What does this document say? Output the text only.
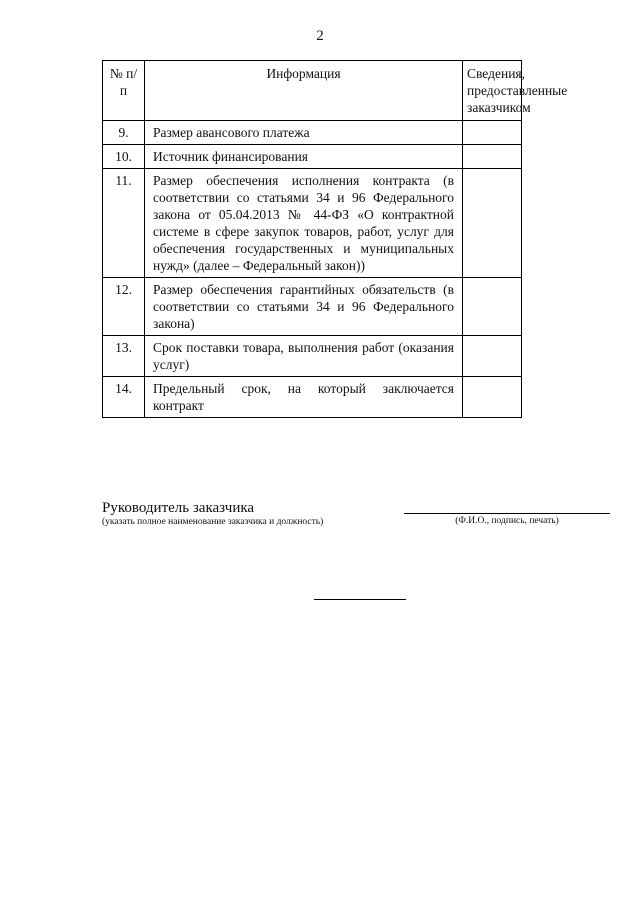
2
№ п/п	Информация	Сведения, предоставленные заказчиком
9.	Размер авансового платежа	
10.	Источник финансирования	
11.	Размер обеспечения исполнения контракта (в соответствии со статьями 34 и 96 Федерального закона от 05.04.2013 № 44-ФЗ «О контрактной системе в сфере закупок товаров, работ, услуг для обеспечения государственных и муниципальных нужд» (далее – Федеральный закон))	
12.	Размер обеспечения гарантийных обязательств (в соответствии со статьями 34 и 96 Федерального закона)	
13.	Срок поставки товара, выполнения работ (оказания услуг)	
14.	Предельный срок, на который заключается контракт	
Руководитель заказчика
(указать полное наименование заказчика и должность)	(Ф.И.О., подпись, печать)
